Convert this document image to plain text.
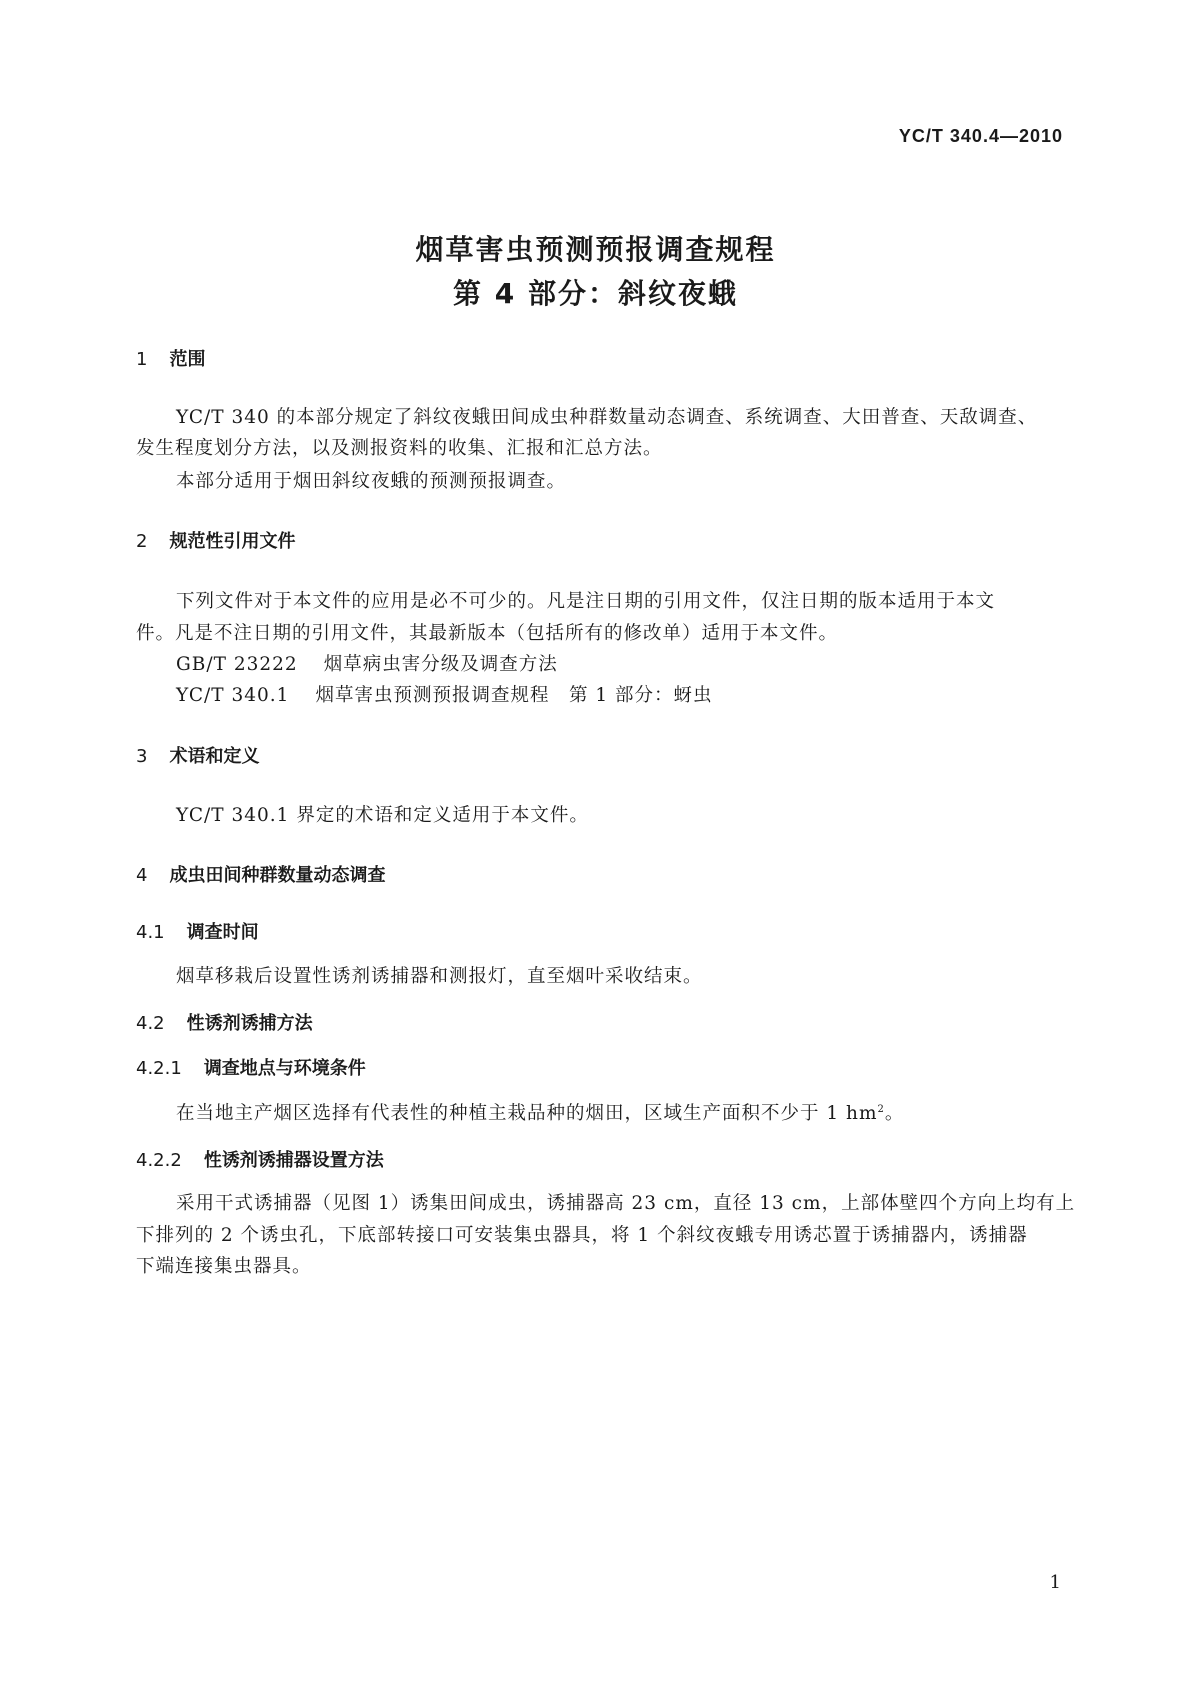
YC/T 340.4—2010
烟草害虫预测预报调查规程
第 4 部分：斜纹夜蛾
1 范围
YC/T 340 的本部分规定了斜纹夜蛾田间成虫种群数量动态调查、系统调查、大田普查、天敌调查、
发生程度划分方法，以及测报资料的收集、汇报和汇总方法。
本部分适用于烟田斜纹夜蛾的预测预报调查。
2 规范性引用文件
下列文件对于本文件的应用是必不可少的。凡是注日期的引用文件，仅注日期的版本适用于本文
件。凡是不注日期的引用文件，其最新版本（包括所有的修改单）适用于本文件。
GB/T 23222 烟草病虫害分级及调查方法
YC/T 340.1 烟草害虫预测预报调查规程　第 1 部分：蚜虫
3 术语和定义
YC/T 340.1 界定的术语和定义适用于本文件。
4 成虫田间种群数量动态调查
4.1 调查时间
烟草移栽后设置性诱剂诱捕器和测报灯，直至烟叶采收结束。
4.2 性诱剂诱捕方法
4.2.1 调查地点与环境条件
在当地主产烟区选择有代表性的种植主栽品种的烟田，区域生产面积不少于 1 $hm^2$。
4.2.2 性诱剂诱捕器设置方法
采用干式诱捕器（见图 1）诱集田间成虫，诱捕器高 23 cm，直径 13 cm，上部体壁四个方向上均有上
下排列的 2 个诱虫孔，下底部转接口可安装集虫器具，将 1 个斜纹夜蛾专用诱芯置于诱捕器内，诱捕器
下端连接集虫器具。
1
